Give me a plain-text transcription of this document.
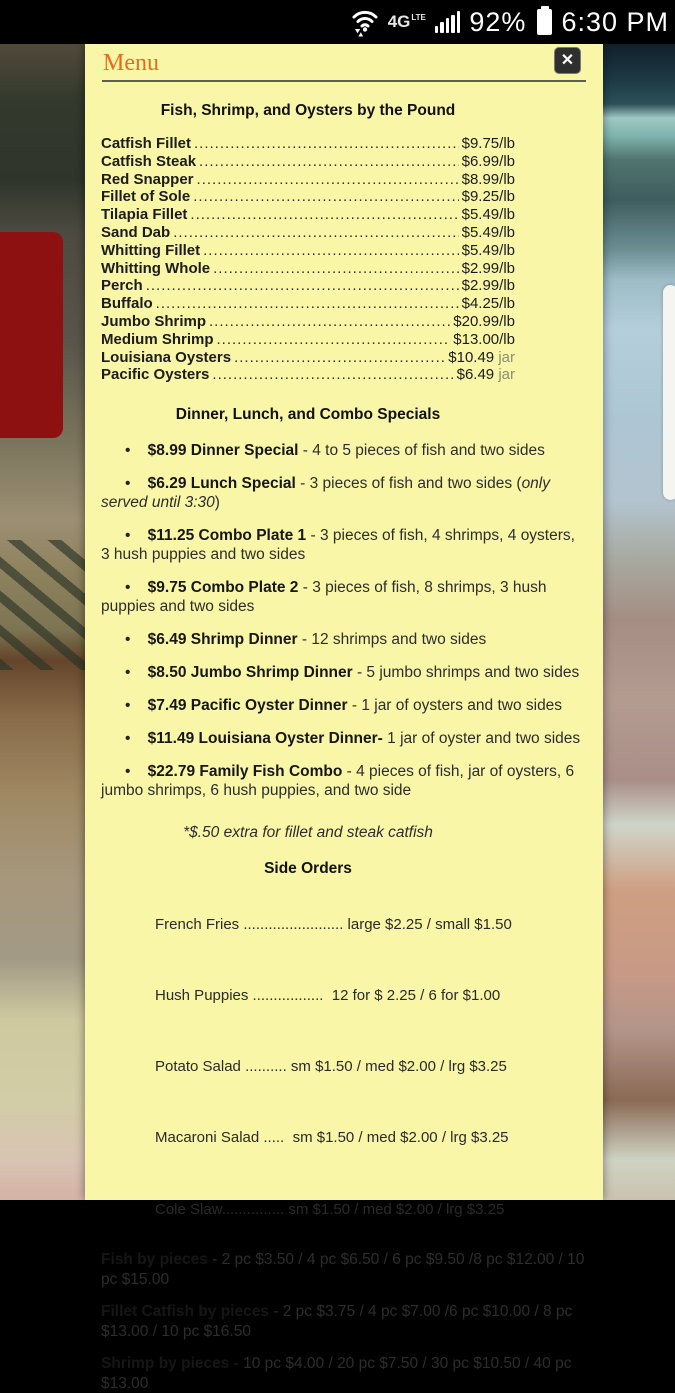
$4G^{LTE}$ 92% 6:30 PM
Menu	✕
Fish, Shrimp, and Oysters by the Pound
Catfish Fillet .....	$9.75/lb
Catfish Steak .....	$6.99/lb
Red Snapper .....	$8.99/lb
Fillet of Sole .....	$9.25/lb
Tilapia Fillet .....	$5.49/lb
Sand Dab .....	$5.49/lb
Whitting Fillet .....	$5.49/lb
Whitting Whole .....	$2.99/lb
Perch .....	$2.99/lb
Buffalo .....	$4.25/lb
Jumbo Shrimp .....	$20.99/lb
Medium Shrimp .....	$13.00/lb
Louisiana Oysters .....	$10.49 jar
Pacific Oysters .....	$6.49 jar
Dinner, Lunch, and Combo Specials
•    $8.99 Dinner Special - 4 to 5 pieces of fish and two sides
•    $6.29 Lunch Special - 3 pieces of fish and two sides (only served until 3:30)
•    $11.25 Combo Plate 1 - 3 pieces of fish, 4 shrimps, 4 oysters, 3 hush puppies and two sides
•    $9.75 Combo Plate 2 - 3 pieces of fish, 8 shrimps, 3 hush puppies and two sides
•    $6.49 Shrimp Dinner - 12 shrimps and two sides
•    $8.50 Jumbo Shrimp Dinner - 5 jumbo shrimps and two sides
•    $7.49 Pacific Oyster Dinner - 1 jar of oysters and two sides
•    $11.49 Louisiana Oyster Dinner- 1 jar of oyster and two sides
•    $22.79 Family Fish Combo - 4 pieces of fish, jar of oysters, 6 jumbo shrimps, 6 hush puppies, and two side
*$.50 extra for fillet and steak catfish
Side Orders

French Fries ........................ large $2.25 / small $1.50

Hush Puppies .................  12 for $ 2.25 / 6 for $1.00

Potato Salad .......... sm $1.50 / med $2.00 / lrg $3.25

Macaroni Salad .....  sm $1.50 / med $2.00 / lrg $3.25

Cole Slaw............... sm $1.50 / med $2.00 / lrg $3.25

Fish by pieces - 2 pc $3.50 / 4 pc $6.50 / 6 pc $9.50 /8 pc $12.00 / 10 pc $15.00
Fillet Catfish by pieces - 2 pc $3.75 / 4 pc $7.00 /6 pc $10.00 / 8 pc $13.00 / 10 pc $16.50
Shrimp by pieces - 10 pc $4.00 / 20 pc $7.50 / 30 pc $10.50 / 40 pc $13.00
